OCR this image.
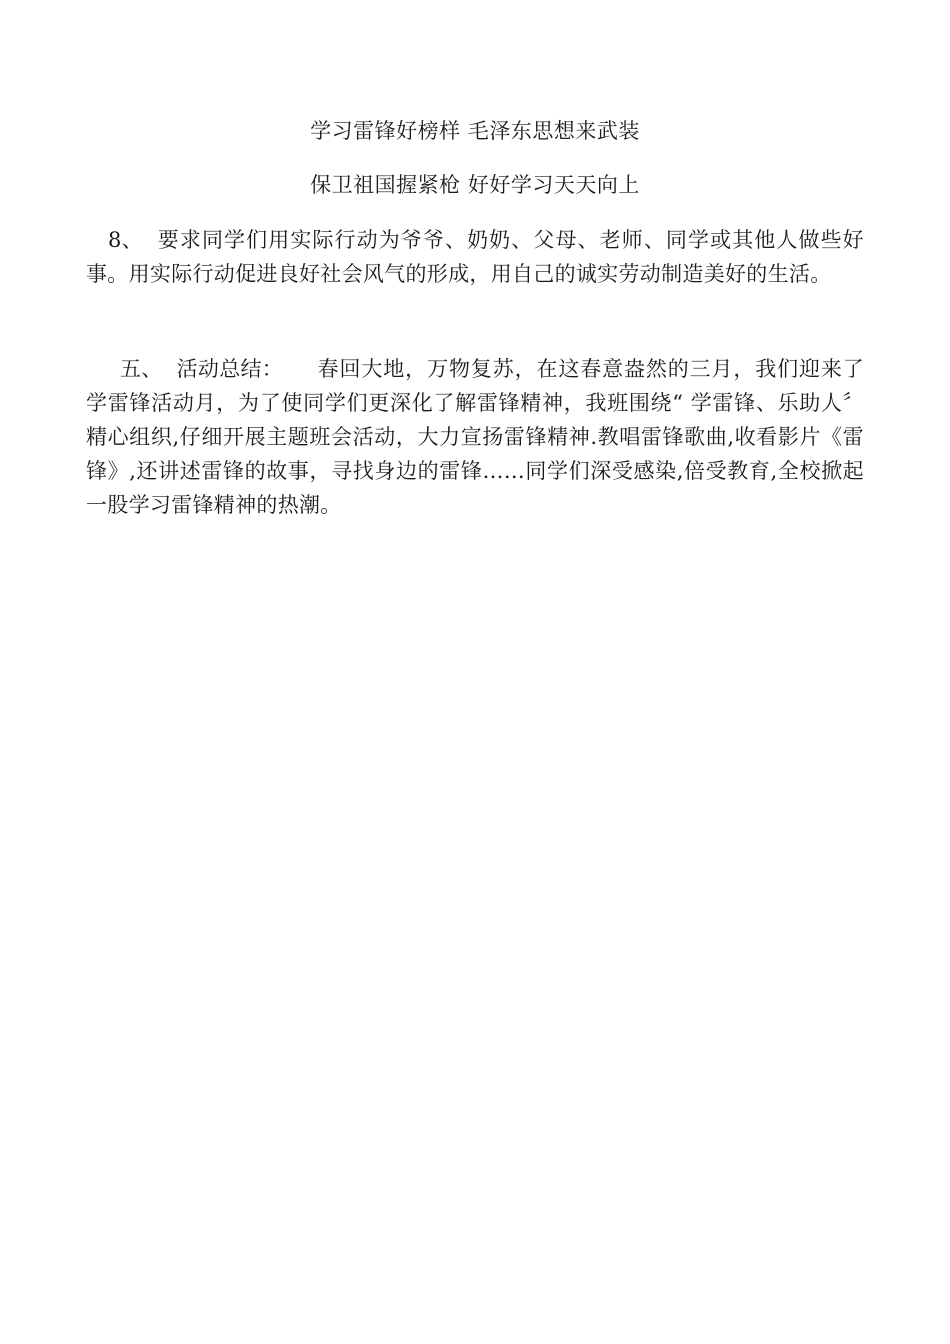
学习雷锋好榜样 毛泽东思想来武装
保卫祖国握紧枪 好好学习天天向上

8、 要求同学们用实际行动为爷爷、奶奶、父母、老师、同学或其他人做些好事。用实际行动促进良好社会风气的形成，用自己的诚实劳动制造美好的生活。

五、 活动总结： 春回大地，万物复苏，在这春意盎然的三月，我们迎来了学雷锋活动月，为了使同学们更深化了解雷锋精神，我班围绕“ 学雷锋、乐助人〞精心组织,仔细开展主题班会活动，大力宣扬雷锋精神.教唱雷锋歌曲,收看影片《雷锋》,还讲述雷锋的故事，寻找身边的雷锋……同学们深受感染,倍受教育,全校掀起一股学习雷锋精神的热潮。
